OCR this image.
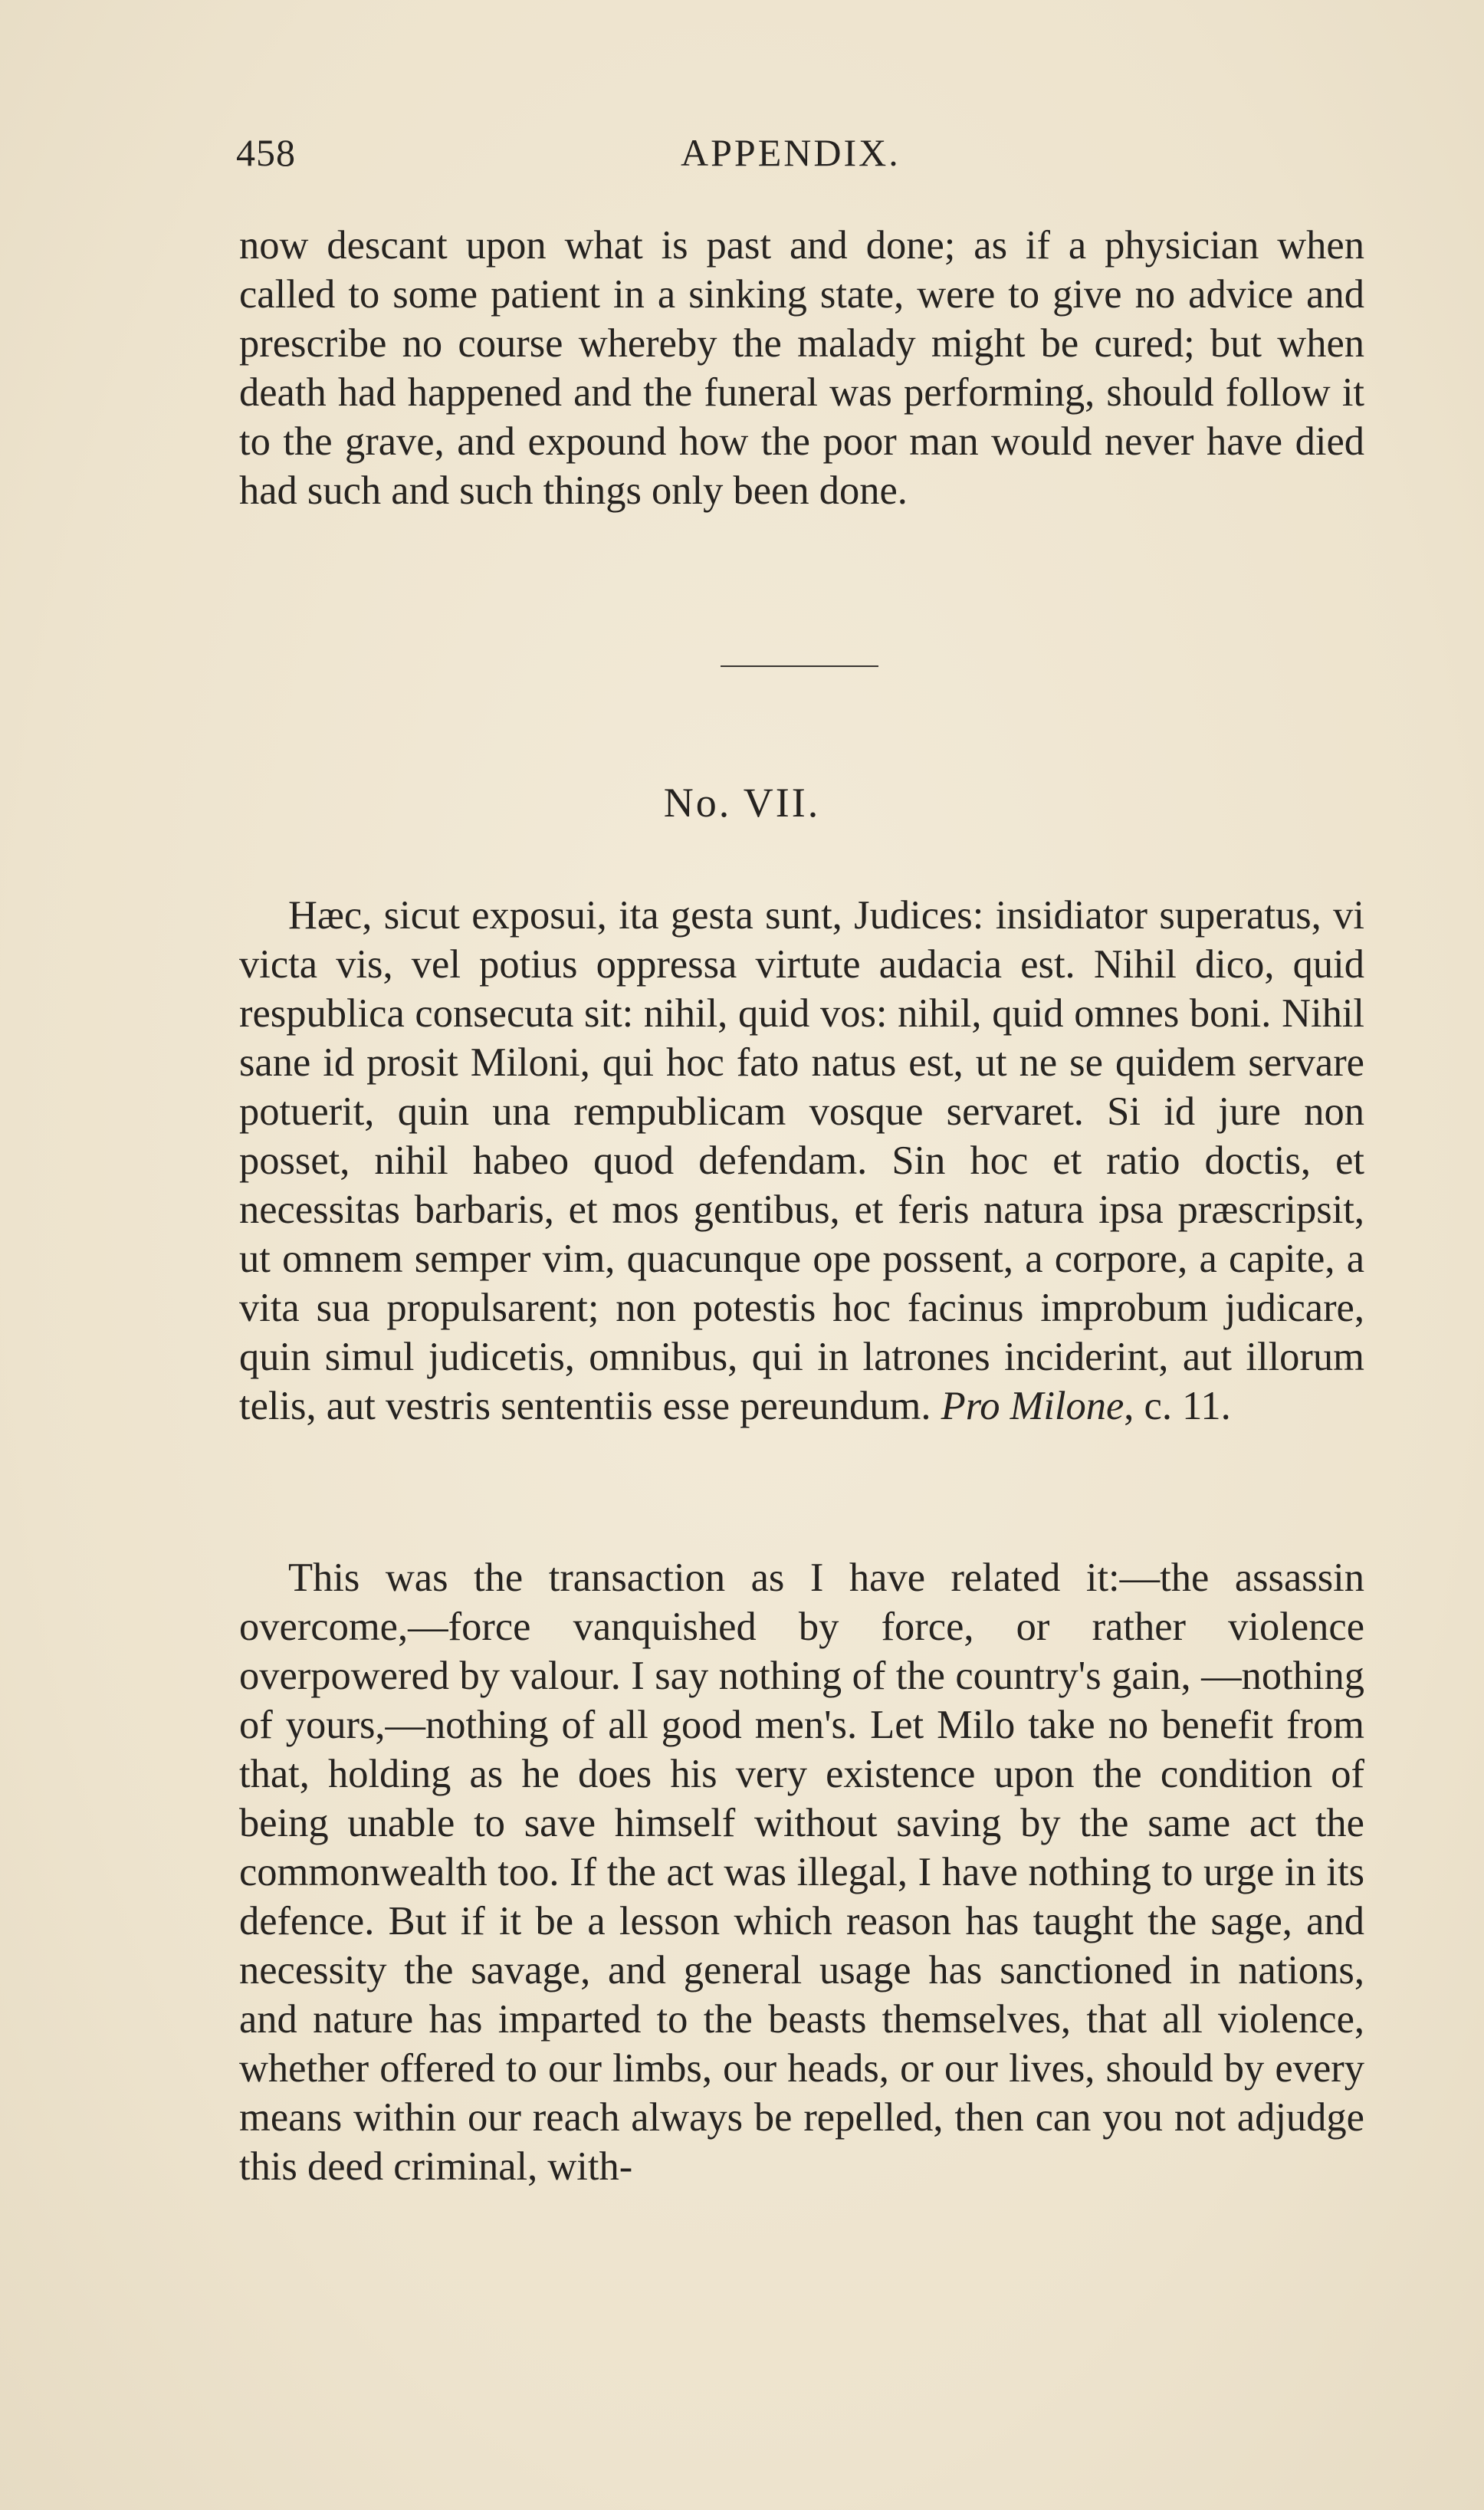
458	APPENDIX.

now descant upon what is past and done; as if a physician when called to some patient in a sinking state, were to give no advice and prescribe no course whereby the malady might be cured; but when death had happened and the funeral was performing, should follow it to the grave, and expound how the poor man would never have died had such and such things only been done.

No. VII.

Hæc, sicut exposui, ita gesta sunt, Judices: insidiator superatus, vi victa vis, vel potius oppressa virtute audacia est. Nihil dico, quid respublica consecuta sit: nihil, quid vos: nihil, quid omnes boni. Nihil sane id prosit Miloni, qui hoc fato natus est, ut ne se quidem servare potuerit, quin una rempublicam vosque servaret. Si id jure non posset, nihil habeo quod defendam. Sin hoc et ratio doctis, et necessitas barbaris, et mos gentibus, et feris natura ipsa præscripsit, ut omnem semper vim, quacunque ope possent, a corpore, a capite, a vita sua propulsarent; non potestis hoc facinus improbum judicare, quin simul judicetis, omnibus, qui in latrones inciderint, aut illorum telis, aut vestris sententiis esse pereundum. Pro Milone, c. 11.

This was the transaction as I have related it:—the assassin overcome,—force vanquished by force, or rather violence overpowered by valour. I say nothing of the country's gain, —nothing of yours,—nothing of all good men's. Let Milo take no benefit from that, holding as he does his very existence upon the condition of being unable to save himself without saving by the same act the commonwealth too. If the act was illegal, I have nothing to urge in its defence. But if it be a lesson which reason has taught the sage, and necessity the savage, and general usage has sanctioned in nations, and nature has imparted to the beasts themselves, that all violence, whether offered to our limbs, our heads, or our lives, should by every means within our reach always be repelled, then can you not adjudge this deed criminal, with-
